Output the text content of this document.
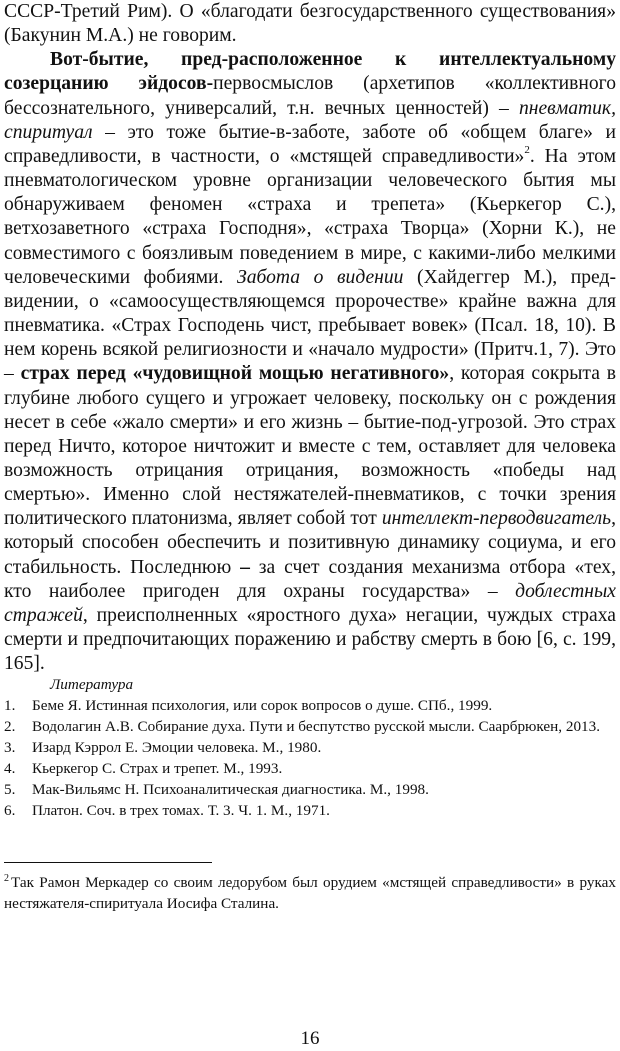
СССР-Третий Рим). О «благодати безгосударственного существования» (Бакунин М.А.) не говорим.

Вот-бытие, пред-расположенное к интеллектуальному созерцанию эйдосов-первосмыслов (архетипов «коллективного бессознательного, универсалий, т.н. вечных ценностей) – пневматик, спиритуал – это тоже бытие-в-заботе, заботе об «общем благе» и справедливости, в частности, о «мстящей справедливости»$^2$. На этом пневматологическом уровне организации человеческого бытия мы обнаруживаем феномен «страха и трепета» (Кьеркегор С.), ветхозаветного «страха Господня», «страха Творца» (Хорни К.), не совместимого с боязливым поведением в мире, с какими-либо мелкими человеческими фобиями. Забота о видении (Хайдеггер М.), пред-видении, о «самоосуществляющемся пророчестве» крайне важна для пневматика. «Страх Господень чист, пребывает вовек» (Псал. 18, 10). В нем корень всякой религиозности и «начало мудрости» (Притч.1, 7). Это – страх перед «чудовищной мощью негативного», которая сокрыта в глубине любого сущего и угрожает человеку, поскольку он с рождения несет в себе «жало смерти» и его жизнь – бытие-под-угрозой. Это страх перед Ничто, которое ничтожит и вместе с тем, оставляет для человека возможность отрицания отрицания, возможность «победы над смертью». Именно слой нестяжателей-пневматиков, с точки зрения политического платонизма, являет собой тот интеллект-перводвигатель, который способен обеспечить и позитивную динамику социума, и его стабильность. Последнюю – за счет создания механизма отбора «тех, кто наиболее пригоден для охраны государства» – доблестных стражей, преисполненных «яростного духа» негации, чуждых страха смерти и предпочитающих поражению и рабству смерть в бою [6, с. 199, 165].

Литература

1. Беме Я. Истинная психология, или сорок вопросов о душе. СПб., 1999.
2. Водолагин А.В. Собирание духа. Пути и беспутство русской мысли. Саарбрюкен, 2013.
3. Изард Кэррол Е. Эмоции человека. М., 1980.
4. Кьеркегор С. Страх и трепет. М., 1993.
5. Мак-Вильямс Н. Психоаналитическая диагностика. М., 1998.
6. Платон. Соч. в трех томах. Т. 3. Ч. 1. М., 1971.

$^2$ Так Рамон Меркадер со своим ледорубом был орудием «мстящей справедливости» в руках нестяжателя-спиритуала Иосифа Сталина.

16
